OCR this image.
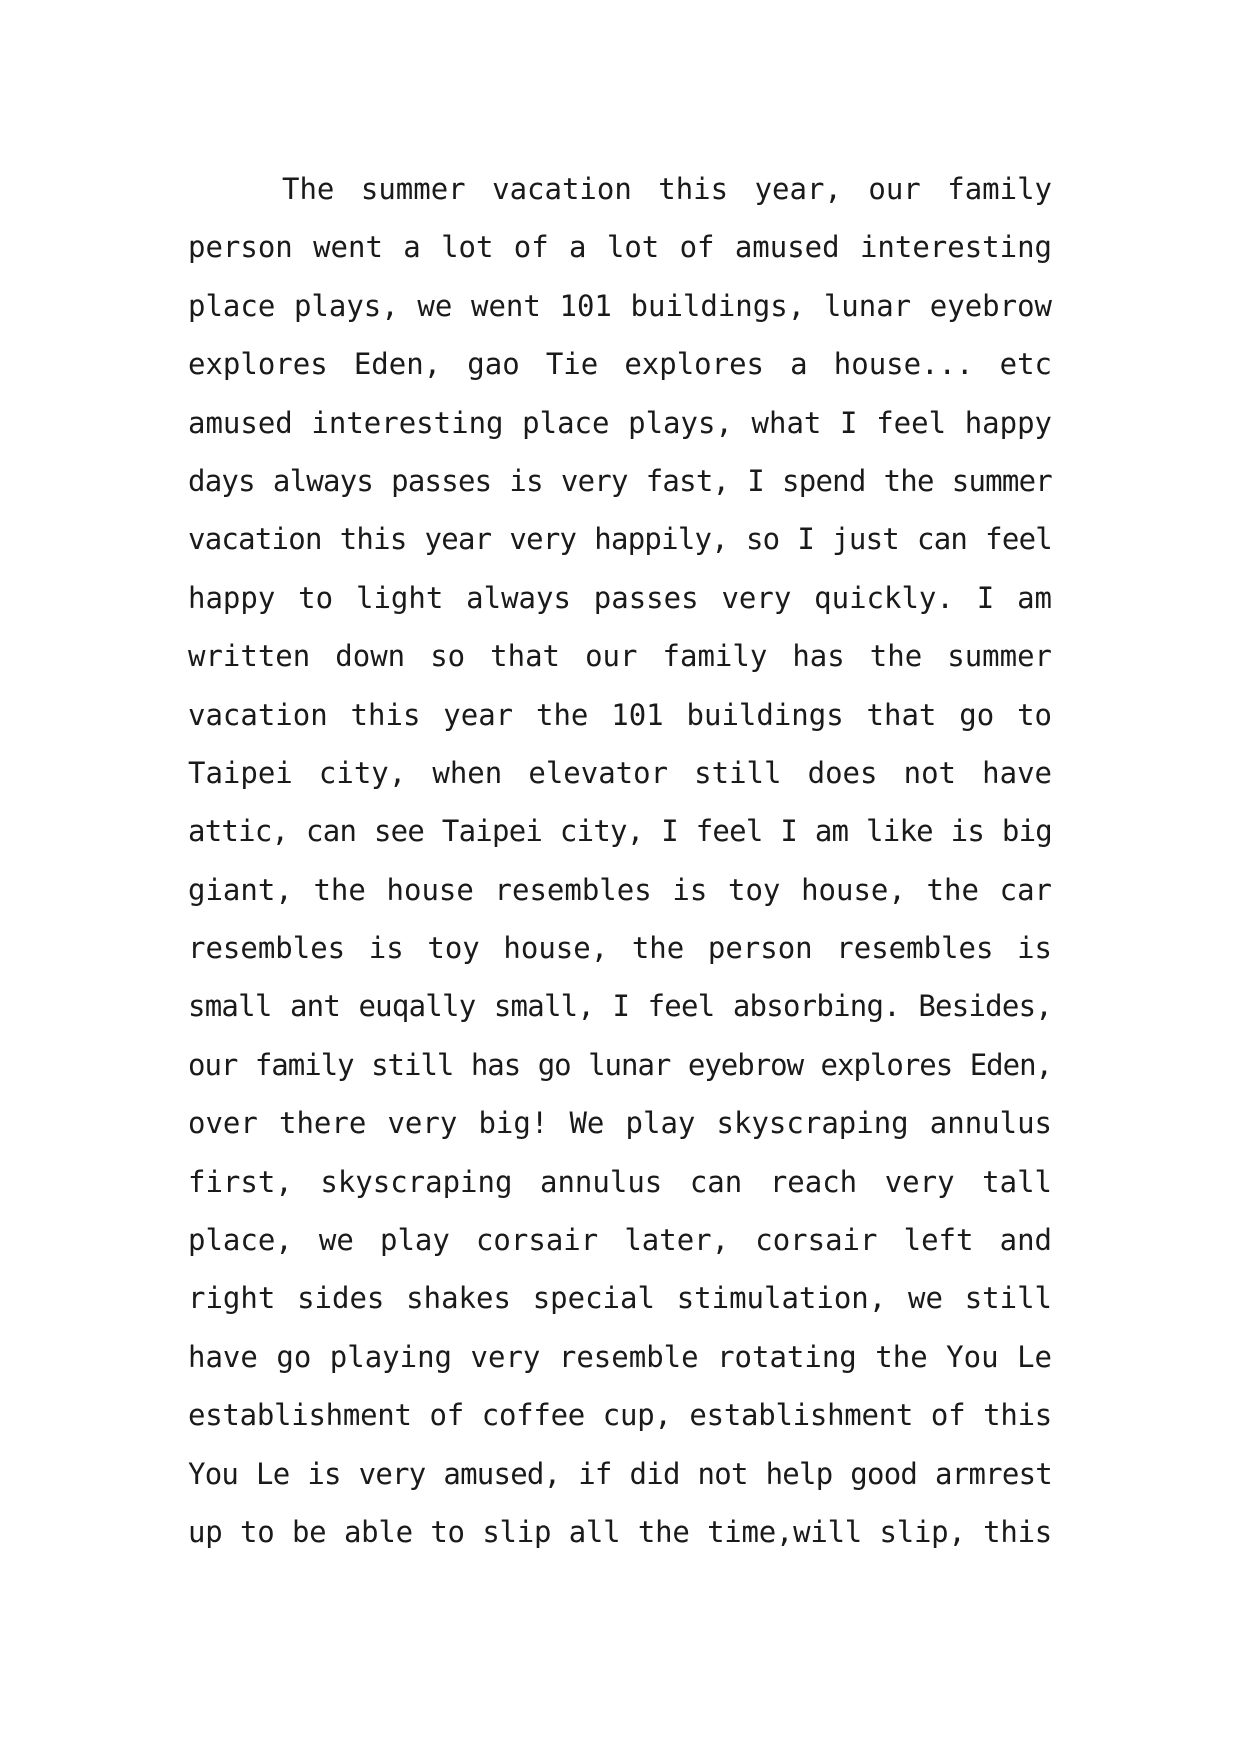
The summer vacation this year, our family
person went a lot of a lot of amused interesting
place plays, we went 101 buildings, lunar eyebrow
explores Eden, gao Tie explores a house... etc
amused interesting place plays, what I feel happy
days always passes is very fast, I spend the summer
vacation this year very happily, so I just can feel
happy to light always passes very quickly. I am
written down so that our family has the summer
vacation this year the 101 buildings that go to
Taipei city, when elevator still does not have
attic, can see Taipei city, I feel I am like is big
giant, the house resembles is toy house, the car
resembles is toy house, the person resembles is
small ant euqally small, I feel absorbing. Besides,
our family still has go lunar eyebrow explores Eden,
over there very big! We play skyscraping annulus
first, skyscraping annulus can reach very tall
place, we play corsair later, corsair left and
right sides shakes special stimulation, we still
have go playing very resemble rotating the You Le
establishment of coffee cup, establishment of this
You Le is very amused, if did not help good armrest
up to be able to slip all the time,will slip, this
